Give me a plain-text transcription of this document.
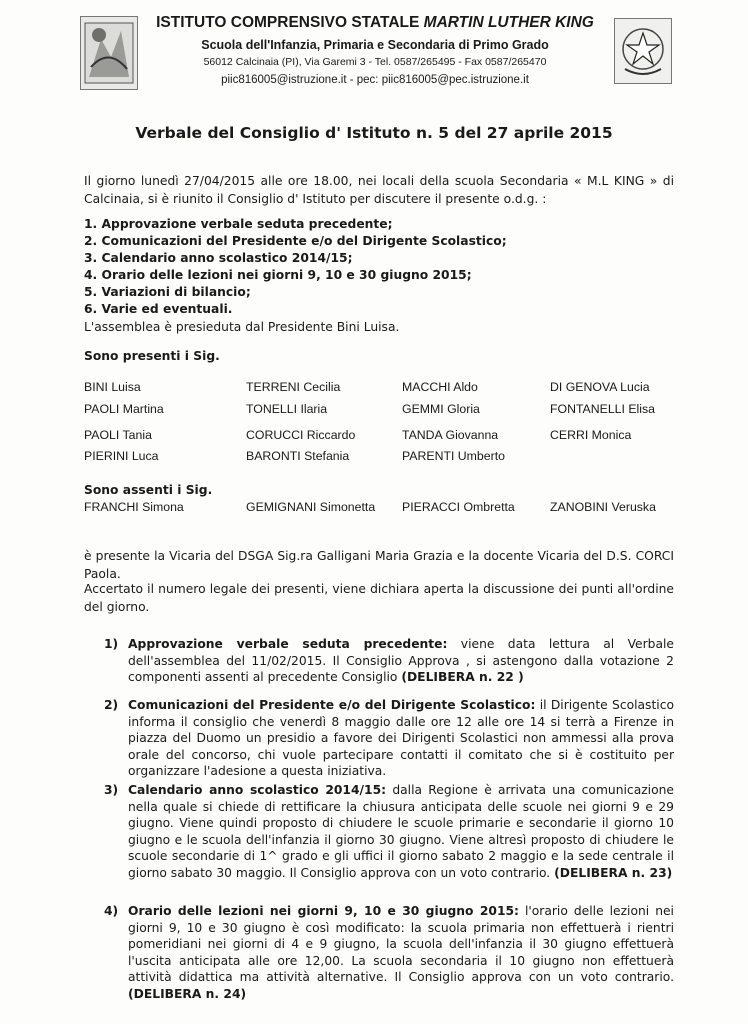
ISTITUTO COMPRENSIVO STATALE MARTIN LUTHER KING
Scuola dell'Infanzia, Primaria e Secondaria di Primo Grado
56012 Calcinaia (PI), Via Garemi 3 - Tel. 0587/265495 - Fax 0587/265470
piic816005@istruzione.it - pec: piic816005@pec.istruzione.it
Verbale del Consiglio d' Istituto n. 5 del 27 aprile 2015
Il giorno lunedì 27/04/2015 alle ore 18.00, nei locali della scuola Secondaria « M.L KING » di Calcinaia, si è riunito il Consiglio d' Istituto per discutere il presente o.d.g. :
1. Approvazione verbale seduta precedente;
2. Comunicazioni del Presidente e/o del Dirigente Scolastico;
3. Calendario anno scolastico 2014/15;
4. Orario delle lezioni nei giorni 9, 10 e 30 giugno 2015;
5. Variazioni di bilancio;
6. Varie ed eventuali.
L'assemblea è presieduta dal Presidente Bini Luisa.
Sono presenti i Sig.
BINI Luisa	TERRENI Cecilia	MACCHI Aldo	DI GENOVA Lucia
PAOLI Martina	TONELLI Ilaria	GEMMI Gloria	FONTANELLI Elisa
PAOLI Tania	CORUCCI Riccardo	TANDA Giovanna	CERRI Monica
PIERINI Luca	BARONTI Stefania	PARENTI Umberto
Sono assenti i Sig.
FRANCHI Simona	GEMIGNANI Simonetta PIERACCI Ombretta	ZANOBINI Veruska
è presente la Vicaria del DSGA Sig.ra Galligani Maria Grazia e la docente Vicaria del D.S. CORCI Paola.
Accertato il numero legale dei presenti, viene dichiara aperta la discussione dei punti all'ordine del giorno.
1) Approvazione verbale seduta precedente: viene data lettura al Verbale dell'assemblea del 11/02/2015. Il Consiglio Approva , si astengono dalla votazione 2 componenti assenti al precedente Consiglio (DELIBERA n. 22 )
2) Comunicazioni del Presidente e/o del Dirigente Scolastico: il Dirigente Scolastico informa il consiglio che venerdì 8 maggio dalle ore 12 alle ore 14 si terrà a Firenze in piazza del Duomo un presidio a favore dei Dirigenti Scolastici non ammessi alla prova orale del concorso, chi vuole partecipare contatti il comitato che si è costituito per organizzare l'adesione a questa iniziativa.
3) Calendario anno scolastico 2014/15: dalla Regione è arrivata una comunicazione nella quale si chiede di rettificare la chiusura anticipata delle scuole nei giorni 9 e 29 giugno. Viene quindi proposto di chiudere le scuole primarie e secondarie il giorno 10 giugno e le scuola dell'infanzia il giorno 30 giugno. Viene altresì proposto di chiudere le scuole secondarie di 1^ grado e gli uffici il giorno sabato 2 maggio e la sede centrale il giorno sabato 30 maggio. Il Consiglio approva con un voto contrario. (DELIBERA n. 23)
4) Orario delle lezioni nei giorni 9, 10 e 30 giugno 2015: l'orario delle lezioni nei giorni 9, 10 e 30 giugno è così modificato: la scuola primaria non effettuerà i rientri pomeridiani nei giorni di 4 e 9 giugno, la scuola dell'infanzia il 30 giugno effettuerà l'uscita anticipata alle ore 12,00. La scuola secondaria il 10 giugno non effettuerà attività didattica ma attività alternative. Il Consiglio approva con un voto contrario. (DELIBERA n. 24)
